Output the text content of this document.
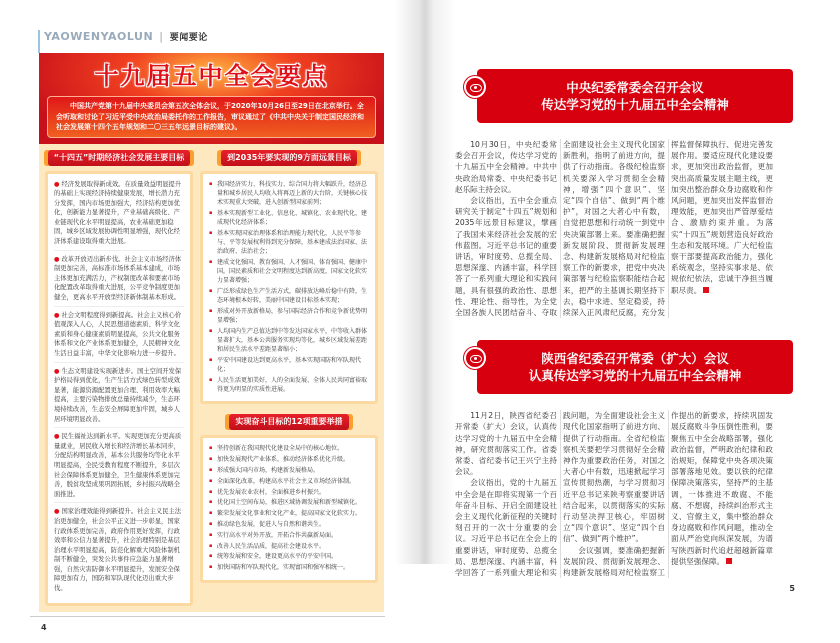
YAOWENYAOLUN | 要闻要论
十九届五中全会要点
中国共产党第十九届中央委员会第五次全体会议，于2020年10月26日至29日在北京举行。全会听取和讨论了习近平受中央政治局委托作的工作报告，审议通过了《中共中央关于制定国民经济和社会发展第十四个五年规划和二〇三五年远景目标的建议》。
“十四五”时期经济社会发展主要目标

● 经济发展取得新成效。在质量效益明显提升的基础上实现经济持续健康发展，增长潜力充分发挥，国内市场更加强大，经济结构更加优化，创新能力显著提升，产业基础高级化、产业链现代化水平明显提高，农业基础更加稳固，城乡区域发展协调性明显增强，现代化经济体系建设取得重大进展。

● 改革开放迈出新步伐。社会主义市场经济体制更加完善，高标准市场体系基本建成，市场主体更加充满活力，产权制度改革和要素市场化配置改革取得重大进展，公平竞争制度更加健全，更高水平开放型经济新体制基本形成。

● 社会文明程度得到新提高。社会主义核心价值观深入人心，人民思想道德素质、科学文化素质和身心健康素质明显提高，公共文化服务体系和文化产业体系更加健全，人民精神文化生活日益丰富，中华文化影响力进一步提升。

● 生态文明建设实现新进步。国土空间开发保护格局得到优化，生产生活方式绿色转型成效显著，能源资源配置更加合理、利用效率大幅提高，主要污染物排放总量持续减少，生态环境持续改善，生态安全屏障更加牢固，城乡人居环境明显改善。

● 民生福祉达到新水平。实现更加充分更高质量就业，居民收入增长和经济增长基本同步，分配结构明显改善，基本公共服务均等化水平明显提高，全民受教育程度不断提升，多层次社会保障体系更加健全，卫生健康体系更加完善，脱贫攻坚成果巩固拓展，乡村振兴战略全面推进。

● 国家治理效能得到新提升。社会主义民主法治更加健全，社会公平正义进一步彰显，国家行政体系更加完善，政府作用更好发挥，行政效率和公信力显著提升，社会治理特别是基层治理水平明显提高，防范化解重大风险体制机制不断健全，突发公共事件应急能力显著增强，自然灾害防御水平明显提升，发展安全保障更加有力，国防和军队现代化迈出重大步伐。

到2035年要实现的9方面远景目标
▪ 我国经济实力、科技实力、综合国力将大幅跃升，经济总量和城乡居民人均收入将再迈上新的大台阶，关键核心技术实现重大突破，进入创新型国家前列；
▪ 基本实现新型工业化、信息化、城镇化、农业现代化，建成现代化经济体系；
▪ 基本实现国家治理体系和治理能力现代化，人民平等参与、平等发展权利得到充分保障，基本建成法治国家、法治政府、法治社会；
▪ 建成文化强国、教育强国、人才强国、体育强国、健康中国，国民素质和社会文明程度达到新高度，国家文化软实力显著增强；
▪ 广泛形成绿色生产生活方式，碳排放达峰后稳中有降，生态环境根本好转，美丽中国建设目标基本实现；
▪ 形成对外开放新格局，参与国际经济合作和竞争新优势明显增强；
▪ 人均国内生产总值达到中等发达国家水平，中等收入群体显著扩大，基本公共服务实现均等化，城乡区域发展差距和居民生活水平差距显著缩小；
▪ 平安中国建设达到更高水平，基本实现国防和军队现代化；
▪ 人民生活更加美好，人的全面发展、全体人民共同富裕取得更为明显的实质性进展。
实现奋斗目标的12项重要举措
▪ 坚持创新在我国现代化建设全局中的核心地位。
▪ 加快发展现代产业体系，推动经济体系优化升级。
▪ 形成强大国内市场，构建新发展格局。
▪ 全面深化改革，构建高水平社会主义市场经济体制。
▪ 优先发展农业农村，全面推进乡村振兴。
▪ 优化国土空间布局，推进区域协调发展和新型城镇化。
▪ 繁荣发展文化事业和文化产业，提高国家文化软实力。
▪ 推动绿色发展，促进人与自然和谐共生。
▪ 实行高水平对外开放，开拓合作共赢新局面。
▪ 改善人民生活品质，提高社会建设水平。
▪ 统筹发展和安全，建设更高水平的平安中国。
▪ 加快国防和军队现代化，实现富国和强军相统一。
4
中央纪委常委会召开会议
传达学习党的十九届五中全会精神

10月30日，中央纪委常委会召开会议，传达学习党的十九届五中全会精神。中共中央政治局常委、中央纪委书记赵乐际主持会议。

会议指出，五中全会重点研究关于制定“十四五”规划和2035年远景目标建议，擘画了我国未来经济社会发展的宏伟蓝图。习近平总书记的重要讲话，审时度势、总揽全局、思想深邃、内涵丰富，科学回答了一系列重大理论和实践问题，具有很强的政治性、思想性、理论性、指导性，为全党全国各族人民团结奋斗、夺取全面建设社会主义现代化国家新胜利，指明了前进方向，提供了行动指南。各级纪检监察机关要深入学习贯彻全会精神，增强“四个意识”、坚定“四个自信”、做到“两个维护”，对国之大者心中有数，自觉把思想和行动统一到党中央决策部署上来。要准确把握新发展阶段、贯彻新发展理念、构建新发展格局对纪检监察工作的新要求，把党中央决策部署与纪检监察职能结合起来，把严的主基调长期坚持下去，稳中求进、坚定稳妥，持续深入正风肃纪反腐，充分发挥监督保障执行、促进完善发展作用。要适应现代化建设要求，更加突出政治监督，更加突出高质量发展主题主线，更加突出整治群众身边腐败和作风问题，更加突出发挥监督治理效能，更加突出严管厚爱结合、激励约束并重。为落实“十四五”规划营造良好政治生态和发展环境。广大纪检监察干部要提高政治能力，强化系统观念，坚持实事求是、依规依纪依法，忠诚干净担当履职尽责。

陕西省纪委召开常委（扩大）会议
认真传达学习党的十九届五中全会精神

11月2日，陕西省纪委召开常委（扩大）会议，认真传达学习党的十九届五中全会精神，研究贯彻落实工作。省委常委、省纪委书记王兴宁主持会议。

会议指出，党的十九届五中全会是在即将实现第一个百年奋斗目标、开启全面建设社会主义现代化新征程的关键时刻召开的一次十分重要的会议。习近平总书记在全会上的重要讲话，审时度势、总揽全局、思想深邃、内涵丰富，科学回答了一系列重大理论和实践问题，为全面建设社会主义现代化国家指明了前进方向、提供了行动指南。全省纪检监察机关要把学习贯彻好全会精神作为重要政治任务，对国之大者心中有数，迅速掀起学习宣传贯彻热潮，与学习贯彻习近平总书记来陕考察重要讲话结合起来，以贯彻落实的实际行动坚决捍卫核心，牢固树立“四个意识”、坚定“四个自信”、做到“两个维护”。

会议强调，要准确把握新发展阶段、贯彻新发展理念、构建新发展格局对纪检监察工作提出的新要求，持续巩固发展反腐败斗争压倒性胜利，要聚焦五中全会战略部署，强化政治监督，严明政治纪律和政治规矩，保障党中央各项决策部署落地见效。要以铁的纪律保障决策落实，坚持严的主基调，一体推进不敢腐、不能腐、不想腐，持续纠治形式主义、官僚主义，集中整治群众身边腐败和作风问题，推动全面从严治党向纵深发展，为谱写陕西新时代追赶超越新篇章提供坚强保障。

5
